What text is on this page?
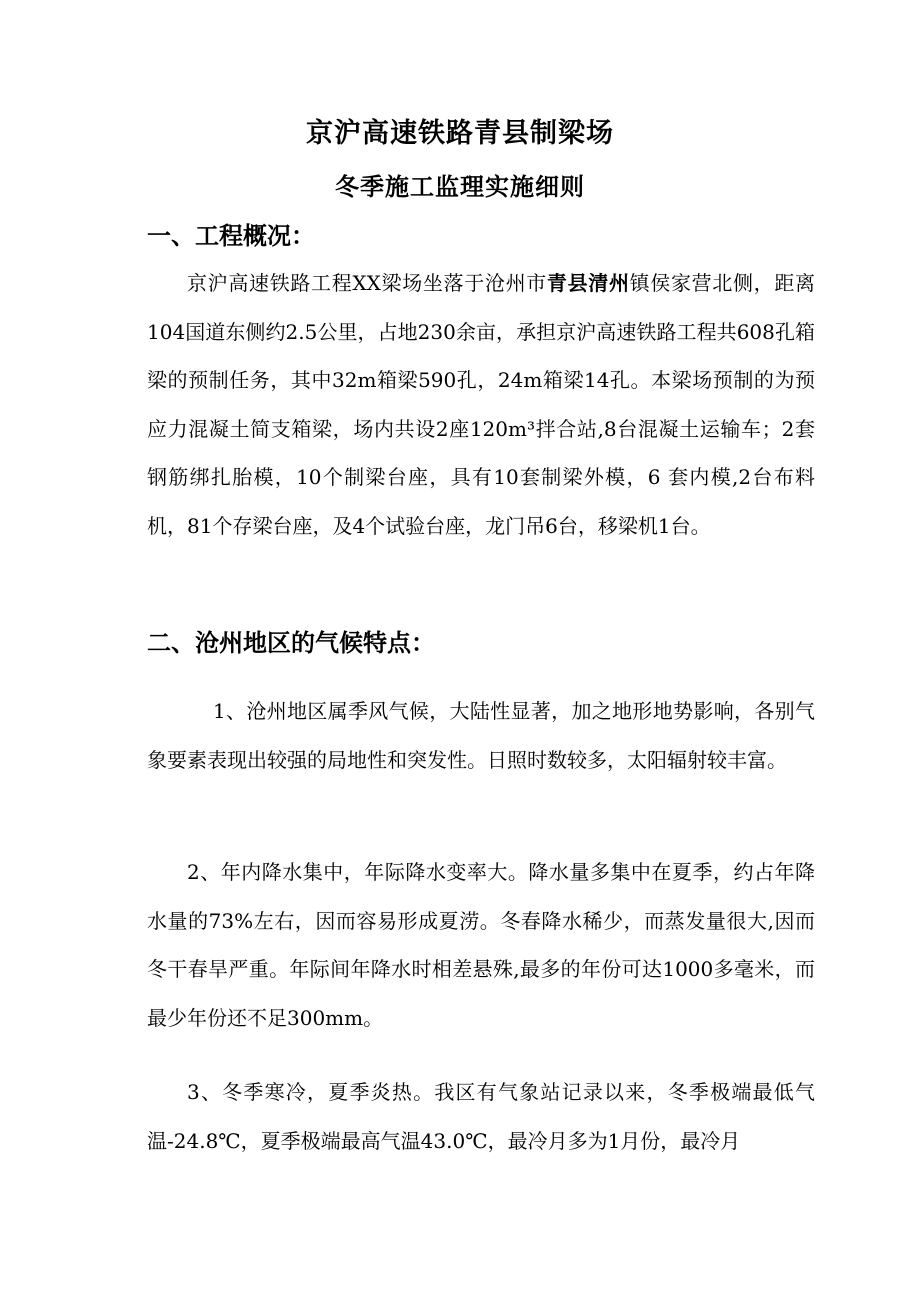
京沪高速铁路青县制梁场
冬季施工监理实施细则
一、工程概况：
京沪高速铁路工程XX梁场坐落于沧州市青县清州镇侯家营北侧，距离104国道东侧约2.5公里，占地230余亩，承担京沪高速铁路工程共608孔箱梁的预制任务，其中32m箱梁590孔，24m箱梁14孔。本梁场预制的为预应力混凝土简支箱梁，场内共设2座120m³拌合站,8台混凝土运输车；2套钢筋绑扎胎模，10个制梁台座，具有10套制梁外模，6 套内模,2台布料机，81个存梁台座，及4个试验台座，龙门吊6台，移梁机1台。
二、沧州地区的气候特点：
1、沧州地区属季风气候，大陆性显著，加之地形地势影响，各别气象要素表现出较强的局地性和突发性。日照时数较多，太阳辐射较丰富。
2、年内降水集中，年际降水变率大。降水量多集中在夏季，约占年降水量的73%左右，因而容易形成夏涝。冬春降水稀少，而蒸发量很大,因而冬干春旱严重。年际间年降水时相差悬殊,最多的年份可达1000多毫米，而最少年份还不足300mm。
3、冬季寒冷，夏季炎热。我区有气象站记录以来，冬季极端最低气温-24.8℃，夏季极端最高气温43.0℃，最冷月多为1月份，最冷月
